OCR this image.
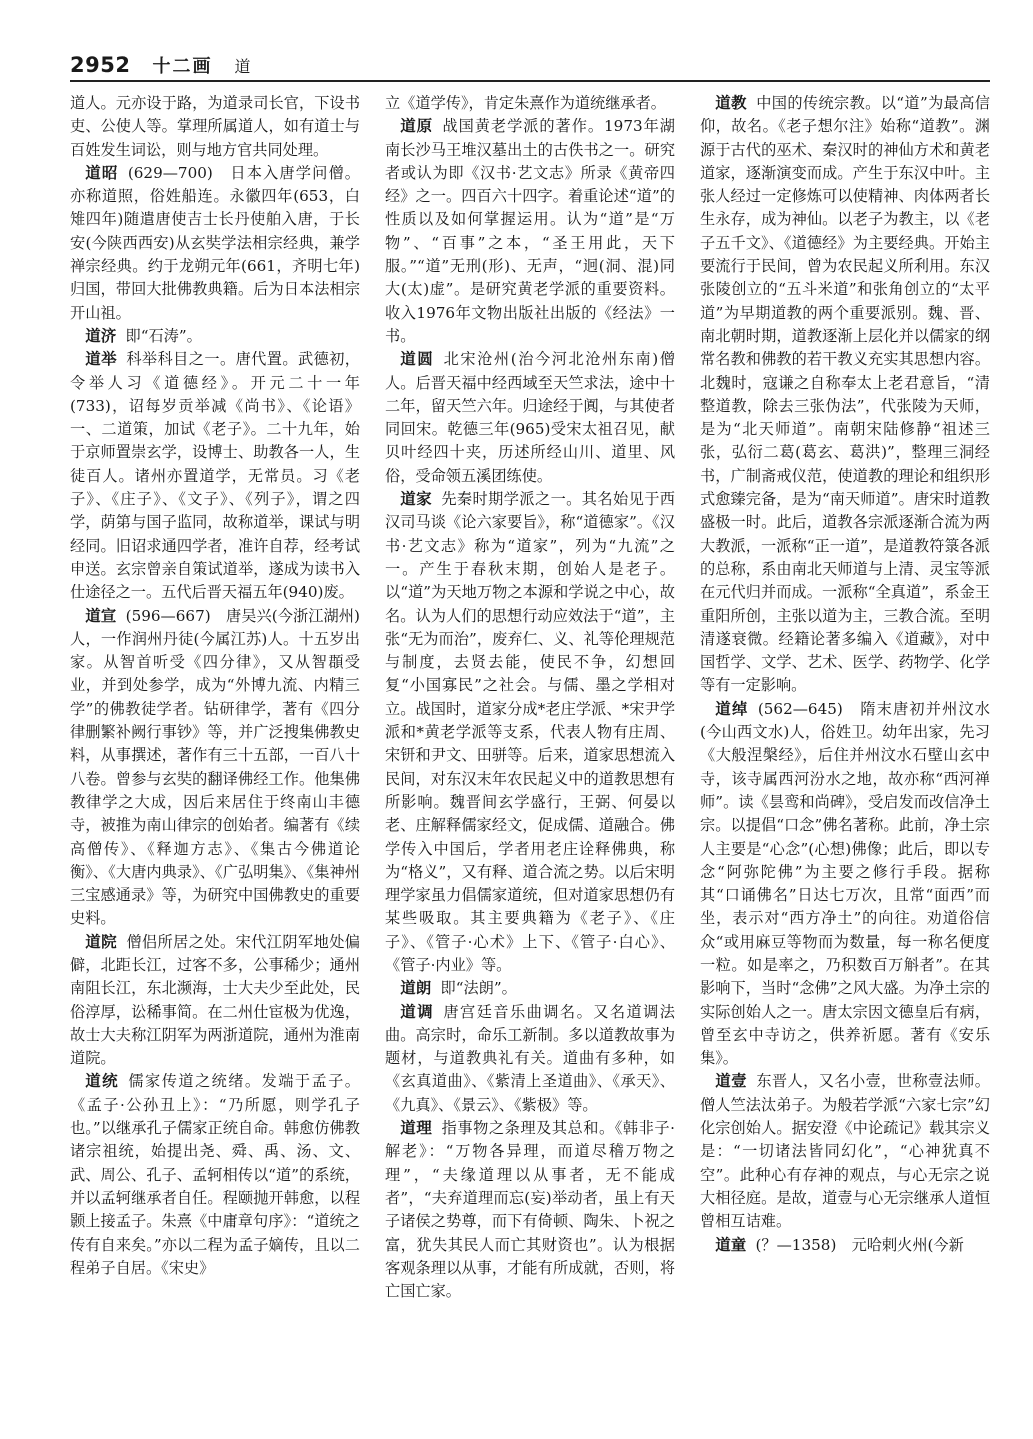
2952 十二画 道

道人。元亦设于路，为道录司长官，下设书吏、公使人等。掌理所属道人，如有道士与百姓发生词讼，则与地方官共同处理。

道昭 (629—700)　日本入唐学问僧。亦称道照，俗姓船连。永徽四年(653，白雉四年)随遣唐使吉士长丹使舶入唐，于长安(今陕西西安)从玄奘学法相宗经典，兼学禅宗经典。约于龙朔元年(661，齐明七年)归国，带回大批佛教典籍。后为日本法相宗开山祖。

道济 即“石涛”。

道举 科举科目之一。唐代置。武德初，令举人习《道德经》。开元二十一年(733)，诏每岁贡举减《尚书》、《论语》一、二道策，加试《老子》。二十九年，始于京师置崇玄学，设博士、助教各一人，生徒百人。诸州亦置道学，无常员。习《老子》、《庄子》、《文子》、《列子》，谓之四学，荫第与国子监同，故称道举，课试与明经同。旧诏求通四学者，准许自荐，经考试申送。玄宗曾亲自策试道举，遂成为读书入仕途径之一。五代后晋天福五年(940)废。

道宣 (596—667)　唐吴兴(今浙江湖州)人，一作润州丹徒(今属江苏)人。十五岁出家。从智首听受《四分律》，又从智頵受业，并到处参学，成为“外博九流、内精三学”的佛教徒学者。钻研律学，著有《四分律删繁补阙行事钞》等，并广泛搜集佛教史料，从事撰述，著作有三十五部，一百八十八卷。曾参与玄奘的翻译佛经工作。他集佛教律学之大成，因后来居住于终南山丰德寺，被推为南山律宗的创始者。编著有《续高僧传》、《释迦方志》、《集古今佛道论衡》、《大唐内典录》、《广弘明集》、《集神州三宝感通录》等，为研究中国佛教史的重要史料。

道院 僧侣所居之处。宋代江阴军地处偏僻，北距长江，过客不多，公事稀少；通州南阻长江，东北濒海，士大夫少至此处，民俗淳厚，讼稀事简。在二州仕宦极为优逸，故士大夫称江阴军为两浙道院，通州为淮南道院。

道统 儒家传道之统绪。发端于孟子。《孟子·公孙丑上》：“乃所愿，则学孔子也。”以继承孔子儒家正统自命。韩愈仿佛教诸宗祖统，始提出尧、舜、禹、汤、文、武、周公、孔子、孟轲相传以“道”的系统，并以孟轲继承者自任。程颐抛开韩愈，以程颢上接孟子。朱熹《中庸章句序》：“道统之传有自来矣。”亦以二程为孟子嫡传，且以二程弟子自居。《宋史》

立《道学传》，肯定朱熹作为道统继承者。

道原 战国黄老学派的著作。1973年湖南长沙马王堆汉墓出土的古佚书之一。研究者或认为即《汉书·艺文志》所录《黄帝四经》之一。四百六十四字。着重论述“道”的性质以及如何掌握运用。认为“道”是“万物”、“百事”之本，“圣王用此，天下服。”“道”无刑(形)、无声，“迥(洞、混)同大(太)虚”。是研究黄老学派的重要资料。收入1976年文物出版社出版的《经法》一书。

道圆 北宋沧州(治今河北沧州东南)僧人。后晋天福中经西域至天竺求法，途中十二年，留天竺六年。归途经于阗，与其使者同回宋。乾德三年(965)受宋太祖召见，献贝叶经四十夹，历述所经山川、道里、风俗，受命领五溪团练使。

道家 先秦时期学派之一。其名始见于西汉司马谈《论六家要旨》，称“道德家”。《汉书·艺文志》称为“道家”，列为“九流”之一。产生于春秋末期，创始人是老子。以“道”为天地万物之本源和学说之中心，故名。认为人们的思想行动应效法于“道”，主张“无为而治”，废弃仁、义、礼等伦理规范与制度，去贤去能，使民不争，幻想回复“小国寡民”之社会。与儒、墨之学相对立。战国时，道家分成*老庄学派、*宋尹学派和*黄老学派等支系，代表人物有庄周、宋钘和尹文、田骈等。后来，道家思想流入民间，对东汉末年农民起义中的道教思想有所影响。魏晋间玄学盛行，王弼、何晏以老、庄解释儒家经文，促成儒、道融合。佛学传入中国后，学者用老庄诠释佛典，称为“格义”，又有释、道合流之势。以后宋明理学家虽力倡儒家道统，但对道家思想仍有某些吸取。其主要典籍为《老子》、《庄子》、《管子·心术》上下、《管子·白心》、《管子·内业》等。

道朗 即“法朗”。

道调 唐宫廷音乐曲调名。又名道调法曲。高宗时，命乐工新制。多以道教故事为题材，与道教典礼有关。道曲有多种，如《玄真道曲》、《紫清上圣道曲》、《承天》、《九真》、《景云》、《紫极》等。

道理 指事物之条理及其总和。《韩非子·解老》：“万物各异理，而道尽稽万物之理”，“夫缘道理以从事者，无不能成者”，“夫弃道理而忘(妄)举动者，虽上有天子诸侯之势尊，而下有倚顿、陶朱、卜祝之富，犹失其民人而亡其财资也”。认为根据客观条理以从事，才能有所成就，否则，将亡国亡家。

道教 中国的传统宗教。以“道”为最高信仰，故名。《老子想尔注》始称“道教”。渊源于古代的巫术、秦汉时的神仙方术和黄老道家，逐渐演变而成。产生于东汉中叶。主张人经过一定修炼可以使精神、肉体两者长生永存，成为神仙。以老子为教主，以《老子五千文》、《道德经》为主要经典。开始主要流行于民间，曾为农民起义所利用。东汉张陵创立的“五斗米道”和张角创立的“太平道”为早期道教的两个重要派别。魏、晋、南北朝时期，道教逐渐上层化并以儒家的纲常名教和佛教的若干教义充实其思想内容。北魏时，寇谦之自称奉太上老君意旨，“清整道教，除去三张伪法”，代张陵为天师，是为“北天师道”。南朝宋陆修静“祖述三张，弘衍二葛(葛玄、葛洪)”，整理三洞经书，广制斋戒仪范，使道教的理论和组织形式愈臻完备，是为“南天师道”。唐宋时道教盛极一时。此后，道教各宗派逐渐合流为两大教派，一派称“正一道”，是道教符箓各派的总称，系由南北天师道与上清、灵宝等派在元代归并而成。一派称“全真道”，系金王重阳所创，主张以道为主，三教合流。至明清遂衰微。经籍论著多编入《道藏》，对中国哲学、文学、艺术、医学、药物学、化学等有一定影响。

道绰 (562—645)　隋末唐初并州汶水(今山西文水)人，俗姓卫。幼年出家，先习《大般涅槃经》，后住并州汶水石壁山玄中寺，该寺属西河汾水之地，故亦称“西河禅师”。读《昙鸾和尚碑》，受启发而改信净土宗。以提倡“口念”佛名著称。此前，净土宗人主要是“心念”(心想)佛像；此后，即以专念“阿弥陀佛”为主要之修行手段。据称其“口诵佛名”日达七万次，且常“面西”而坐，表示对“西方净土”的向往。劝道俗信众“或用麻豆等物而为数量，每一称名便度一粒。如是率之，乃积数百万斛者”。在其影响下，当时“念佛”之风大盛。为净土宗的实际创始人之一。唐太宗因文德皇后有病，曾至玄中寺访之，供养祈愿。著有《安乐集》。

道壹 东晋人，又名小壹，世称壹法师。僧人竺法汰弟子。为般若学派“六家七宗”幻化宗创始人。据安澄《中论疏记》载其宗义是：“一切诸法皆同幻化”，“心神犹真不空”。此种心有存神的观点，与心无宗之说大相径庭。是故，道壹与心无宗继承人道恒曾相互诘难。

道童 (？—1358)　元哈剌火州(今新
